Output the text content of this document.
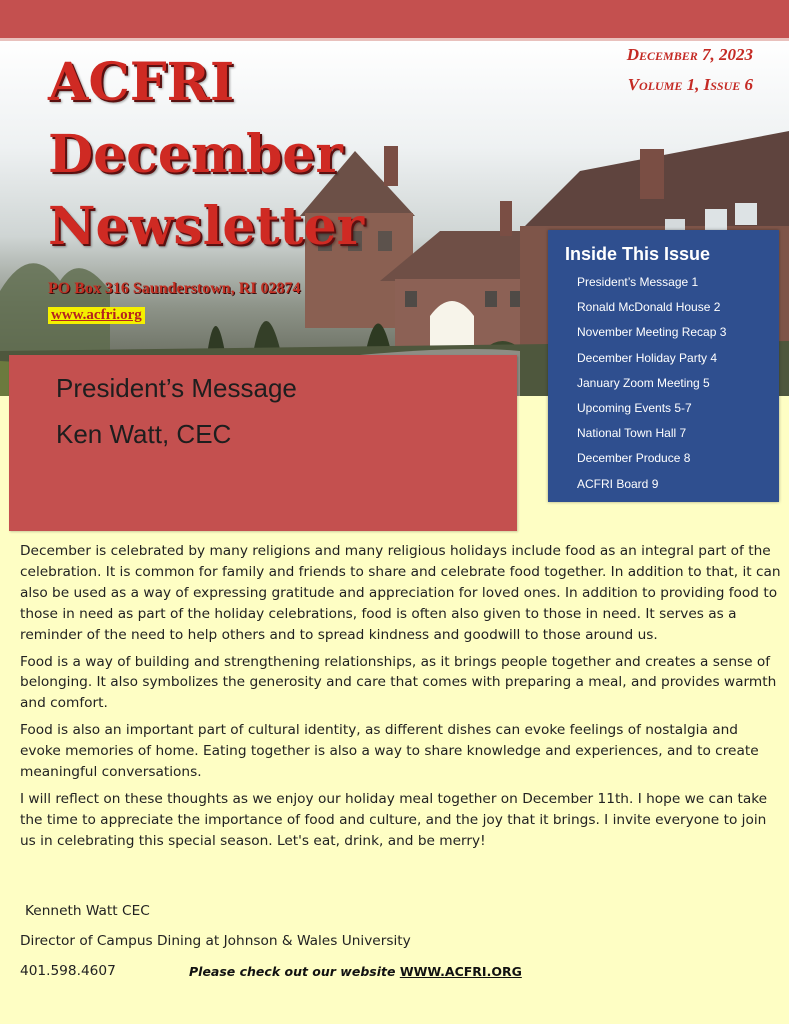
ACFRI
December
Newsletter
PO Box 316 Saunderstown, RI 02874
www.acfri.org
December 7, 2023
Volume 1, Issue 6
President’s Message
Ken Watt, CEC
Inside This Issue
President’s Message 1
Ronald McDonald House 2
November Meeting Recap 3
December Holiday Party 4
January Zoom Meeting 5
Upcoming Events 5-7
National Town Hall 7
December Produce 8
ACFRI Board 9

December is celebrated by many religions and many religious holidays include food as an integral part of the celebration. It is common for family and friends to share and celebrate food together. In addition to that, it can also be used as a way of expressing gratitude and appreciation for loved ones. In addition to providing food to those in need as part of the holiday celebrations, food is often also given to those in need. It serves as a reminder of the need to help others and to spread kindness and goodwill to those around us.

Food is a way of building and strengthening relationships, as it brings people together and creates a sense of belonging. It also symbolizes the generosity and care that comes with preparing a meal, and provides warmth and comfort.

Food is also an important part of cultural identity, as different dishes can evoke feelings of nostalgia and evoke memories of home. Eating together is also a way to share knowledge and experiences, and to create meaningful conversations.

I will reflect on these thoughts as we enjoy our holiday meal together on December 11th. I hope we can take the time to appreciate the importance of food and culture, and the joy that it brings. I invite everyone to join us in celebrating this special season. Let's eat, drink, and be merry!

Kenneth Watt CEC
Director of Campus Dining at Johnson & Wales University
401.598.4607	Please check out our website WWW.ACFRI.ORG
